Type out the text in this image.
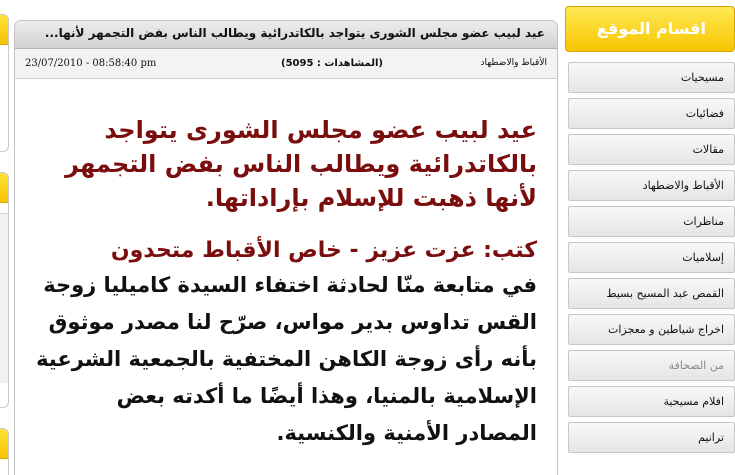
عيد لبيب عضو مجلس الشورى يتواجد بالكاتدرائية ويطالب الناس بفض التجمهر لأنها...
الأقباط والاضطهاد
(المشاهدات : 5095)
23/07/2010 - 08:58:40 pm
عيد لبيب عضو مجلس الشورى يتواجد بالكاتدرائية ويطالب الناس بفض التجمهر لأنها ذهبت للإسلام بإراداتها.
كتب: عزت عزيز - خاص الأقباط متحدون
في متابعة منّا لحادثة اختفاء السيدة كاميليا زوجة القس تداوس بدير مواس، صرّح لنا مصدر موثوق بأنه رأى زوجة الكاهن المختفية بالجمعية الشرعية الإسلامية بالمنيا، وهذا أيضًا ما أكدته بعض المصادر الأمنية والكنسية.
اقسام الموقع
مسيحيات
فضائيات
مقالات
الأقباط والاضطهاد
مناظرات
إسلاميات
القمص عبد المسيح بسيط
اخراج شياطين و معجزات
من الصحافة
افلام مسيحية
ترانيم
